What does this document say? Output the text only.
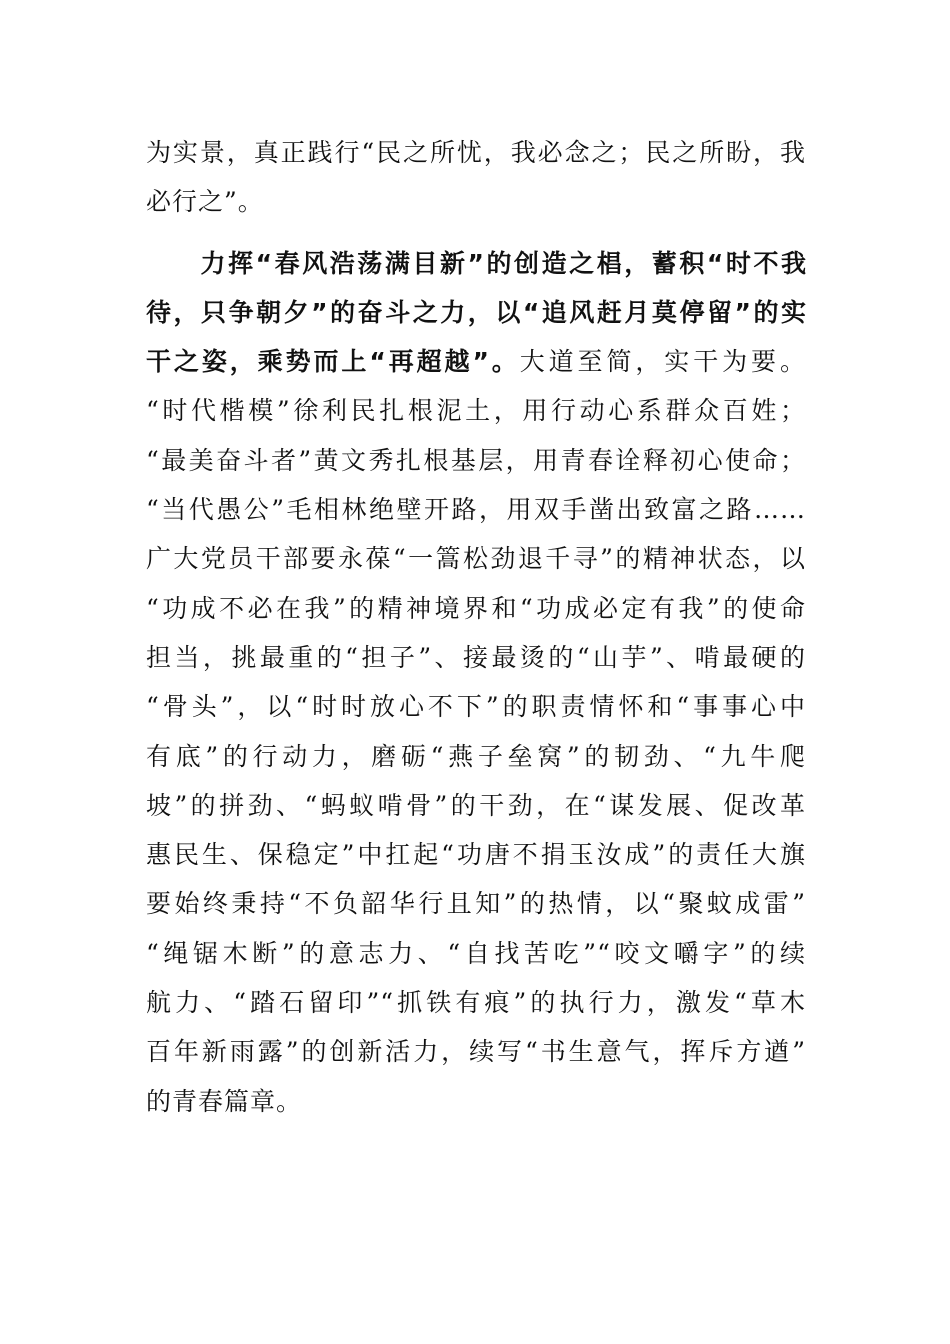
为实景，真正践行“民之所忧，我必念之；民之所盼，我
必行之”。
力挥“春风浩荡满目新”的创造之椙，蓄积“时不我
待，只争朝夕”的奋斗之力，以“追风赶月莫停留”的实
干之姿，乘势而上“再超越”。大道至简，实干为要。
“时代楷模”徐利民扎根泥土，用行动心系群众百姓；
“最美奋斗者”黄文秀扎根基层，用青春诠释初心使命；
“当代愚公”毛相林绝壁开路，用双手凿出致富之路……
广大党员干部要永葆“一篙松劲退千寻”的精神状态，以
“功成不必在我”的精神境界和“功成必定有我”的使命
担当，挑最重的“担子”、接最烫的“山芋”、啃最硬的
“骨头”，以“时时放心不下”的职责情怀和“事事心中
有底”的行动力，磨砺“燕子垒窝”的韧劲、“九牛爬
坡”的拼劲、“蚂蚁啃骨”的干劲，在“谋发展、促改革
惠民生、保稳定”中扛起“功唐不捐玉汝成”的责任大旗
要始终秉持“不负韶华行且知”的热情，以“聚蚊成雷”
“绳锯木断”的意志力、“自找苦吃”“咬文嚼字”的续
航力、“踏石留印”“抓铁有痕”的执行力，激发“草木
百年新雨露”的创新活力，续写“书生意气，挥斥方遒”
的青春篇章。
